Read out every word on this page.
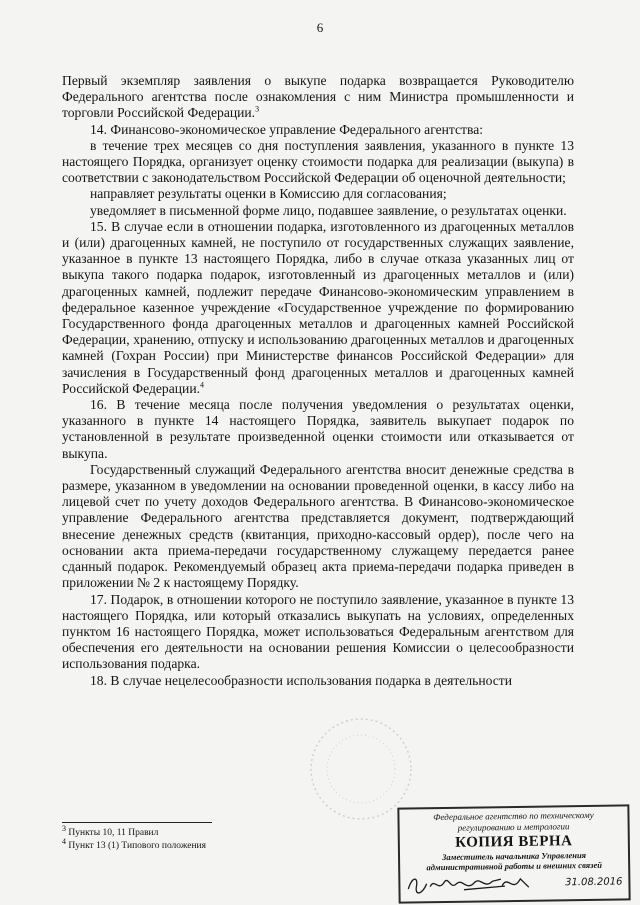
6

Первый экземпляр заявления о выкупе подарка возвращается Руководителю Федерального агентства после ознакомления с ним Министра промышленности и торговли Российской Федерации.$^3$

14. Финансово-экономическое управление Федерального агентства:

в течение трех месяцев со дня поступления заявления, указанного в пункте 13 настоящего Порядка, организует оценку стоимости подарка для реализации (выкупа) в соответствии с законодательством Российской Федерации об оценочной деятельности;

направляет результаты оценки в Комиссию для согласования;

уведомляет в письменной форме лицо, подавшее заявление, о результатах оценки.

15. В случае если в отношении подарка, изготовленного из драгоценных металлов и (или) драгоценных камней, не поступило от государственных служащих заявление, указанное в пункте 13 настоящего Порядка, либо в случае отказа указанных лиц от выкупа такого подарка подарок, изготовленный из драгоценных металлов и (или) драгоценных камней, подлежит передаче Финансово-экономическим управлением в федеральное казенное учреждение «Государственное учреждение по формированию Государственного фонда драгоценных металлов и драгоценных камней Российской Федерации, хранению, отпуску и использованию драгоценных металлов и драгоценных камней (Гохран России) при Министерстве финансов Российской Федерации» для зачисления в Государственный фонд драгоценных металлов и драгоценных камней Российской Федерации.$^4$

16. В течение месяца после получения уведомления о результатах оценки, указанного в пункте 14 настоящего Порядка, заявитель выкупает подарок по установленной в результате произведенной оценки стоимости или отказывается от выкупа.

Государственный служащий Федерального агентства вносит денежные средства в размере, указанном в уведомлении на основании проведенной оценки, в кассу либо на лицевой счет по учету доходов Федерального агентства. В Финансово-экономическое управление Федерального агентства представляется документ, подтверждающий внесение денежных средств (квитанция, приходно-кассовый ордер), после чего на основании акта приема-передачи государственному служащему передается ранее сданный подарок. Рекомендуемый образец акта приема-передачи подарка приведен в приложении № 2 к настоящему Порядку.

17. Подарок, в отношении которого не поступило заявление, указанное в пункте 13 настоящего Порядка, или который отказались выкупать на условиях, определенных пунктом 16 настоящего Порядка, может использоваться Федеральным агентством для обеспечения его деятельности на основании решения Комиссии о целесообразности использования подарка.

18. В случае нецелесообразности использования подарка в деятельности

$^3$ Пункты 10, 11 Правил
$^4$ Пункт 13 (1) Типового положения
Федеральное агентство по техническому
регулированию и метрологии
КОПИЯ ВЕРНА
Заместитель начальника Управления
административной работы и внешних связей
31.08.2016
